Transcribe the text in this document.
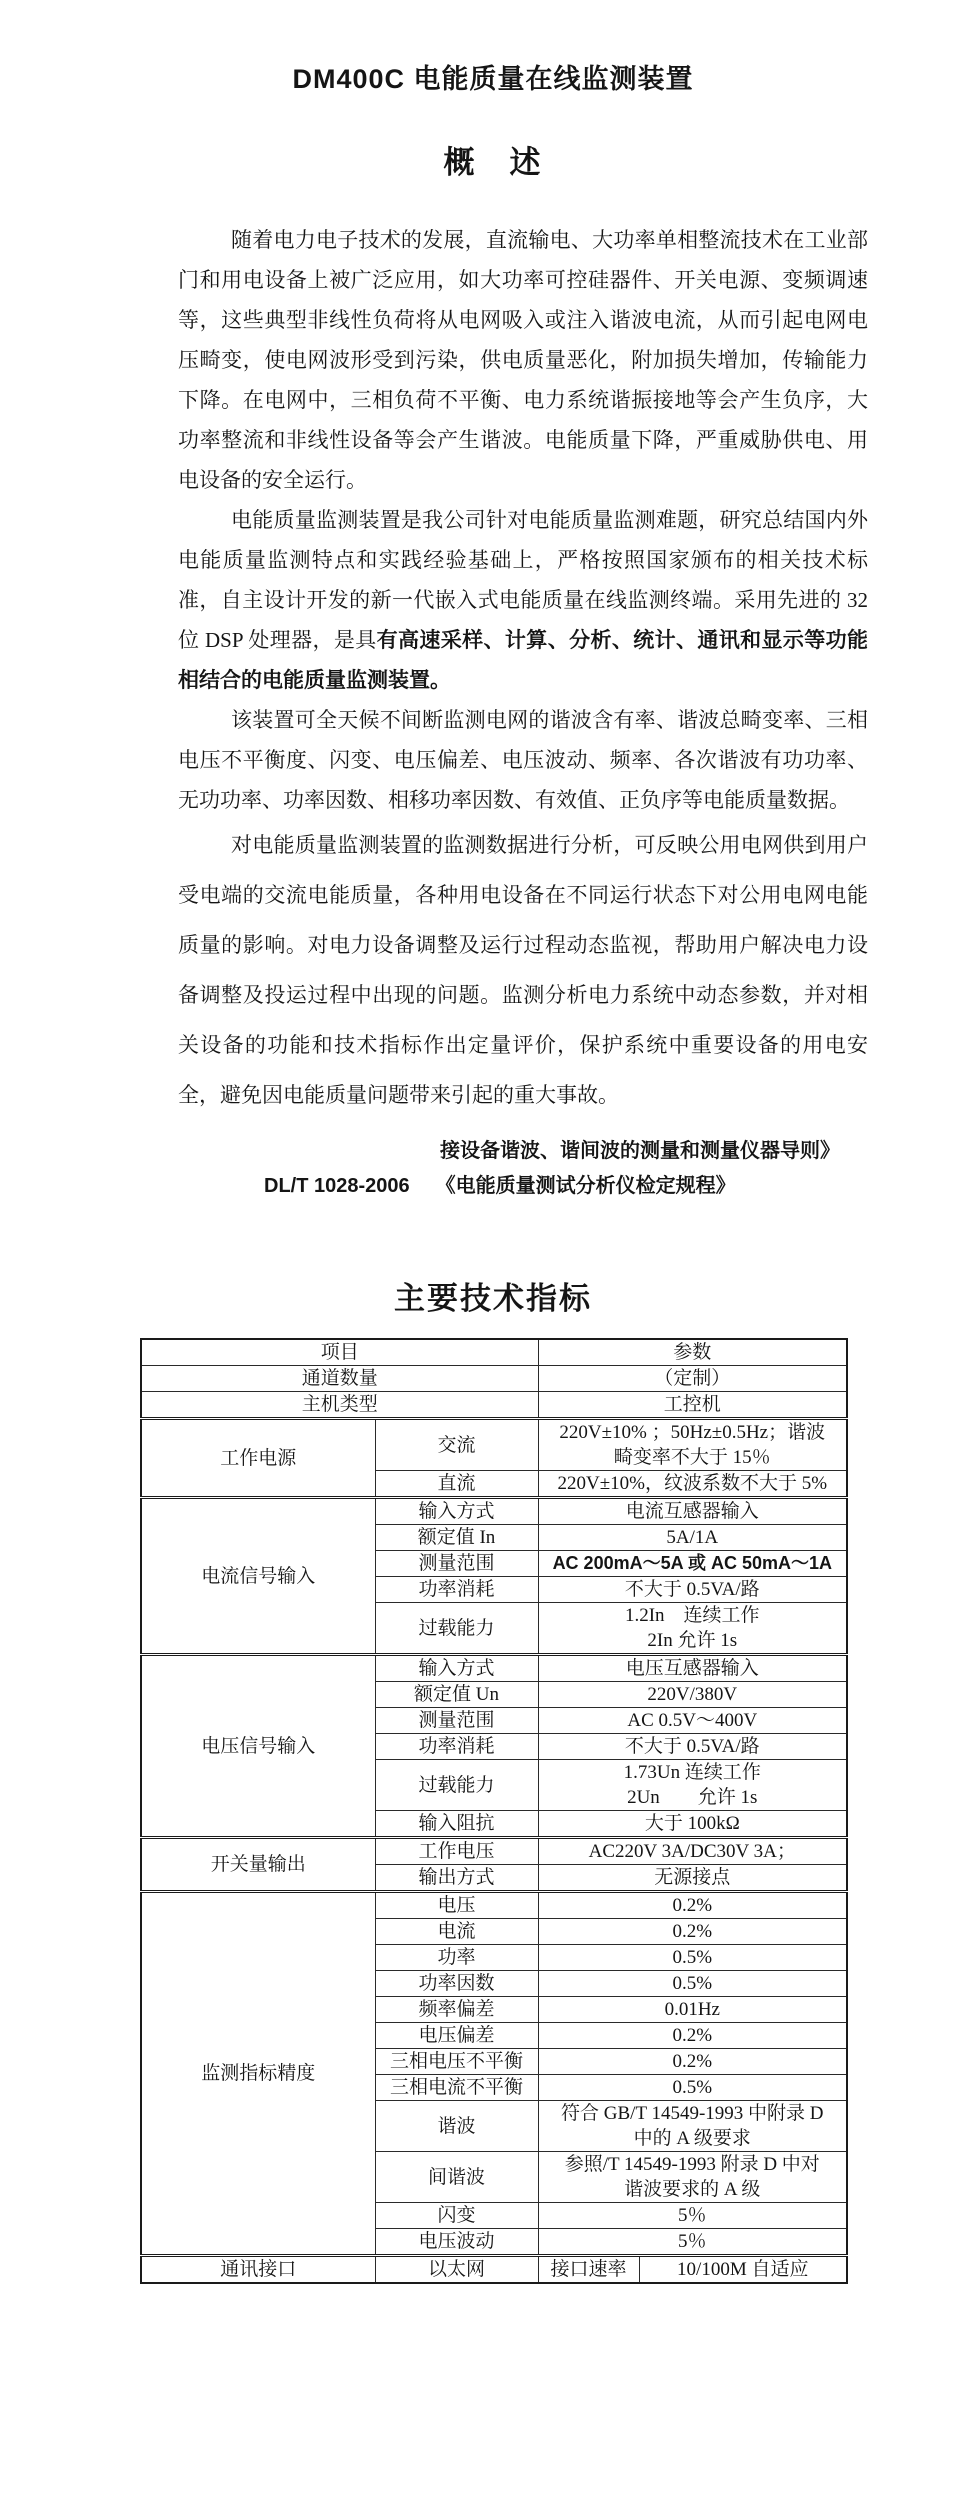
DM400C 电能质量在线监测装置
概　述

随着电力电子技术的发展，直流输电、大功率单相整流技术在工业部门和用电设备上被广泛应用，如大功率可控硅器件、开关电源、变频调速等，这些典型非线性负荷将从电网吸入或注入谐波电流，从而引起电网电压畸变，使电网波形受到污染，供电质量恶化，附加损失增加，传输能力下降。在电网中，三相负荷不平衡、电力系统谐振接地等会产生负序，大功率整流和非线性设备等会产生谐波。电能质量下降，严重威胁供电、用电设备的安全运行。

电能质量监测装置是我公司针对电能质量监测难题，研究总结国内外电能质量监测特点和实践经验基础上，严格按照国家颁布的相关技术标准，自主设计开发的新一代嵌入式电能质量在线监测终端。采用先进的 32 位 DSP 处理器，是具有高速采样、计算、分析、统计、通讯和显示等功能相结合的电能质量监测装置。

该装置可全天候不间断监测电网的谐波含有率、谐波总畸变率、三相电压不平衡度、闪变、电压偏差、电压波动、频率、各次谐波有功功率、无功功率、功率因数、相移功率因数、有效值、正负序等电能质量数据。

对电能质量监测装置的监测数据进行分析，可反映公用电网供到用户受电端的交流电能质量，各种用电设备在不同运行状态下对公用电网电能质量的影响。对电力设备调整及运行过程动态监视，帮助用户解决电力设备调整及投运过程中出现的问题。监测分析电力系统中动态参数，并对相关设备的功能和技术指标作出定量评价，保护系统中重要设备的用电安全，避免因电能质量问题带来引起的重大事故。

接设备谐波、谐间波的测量和测量仪器导则》
DL/T 1028-2006 《电能质量测试分析仪检定规程》
主要技术指标
项目		参数	
通道数量		（定制）	
主机类型		工控机	
工作电源	交流	220V±10% ；50Hz±0.5Hz；谐波
畸变率不大于 15％	
	直流	220V±10%，纹波系数不大于 5%	
电流信号输入	输入方式	电流互感器输入	
	额定值 In	5A/1A	
	测量范围	AC 200mA～5A 或 AC 50mA～1A	
	功率消耗	不大于 0.5VA/路	
	过载能力	1.2In　连续工作
2In 允许 1s	
电压信号输入	输入方式	电压互感器输入	
	额定值 Un	220V/380V	
	测量范围	AC 0.5V～400V	
	功率消耗	不大于 0.5VA/路	
	过载能力	1.73Un 连续工作
2Un　　允许 1s	
	输入阻抗	大于 100kΩ	
开关量输出	工作电压	AC220V 3A/DC30V 3A；	
	输出方式	无源接点	
监测指标精度	电压	0.2%	
	电流	0.2%	
	功率	0.5%	
	功率因数	0.5%	
	频率偏差	0.01Hz	
	电压偏差	0.2%	
	三相电压不平衡	0.2%	
	三相电流不平衡	0.5%	
	谐波	符合 GB/T 14549-1993 中附录 D
中的 A 级要求	
	间谐波	参照/T 14549-1993 附录 D 中对
谐波要求的 A 级	
	闪变	5％	
	电压波动	5％	
通讯接口	以太网	接口速率	10/100M 自适应
